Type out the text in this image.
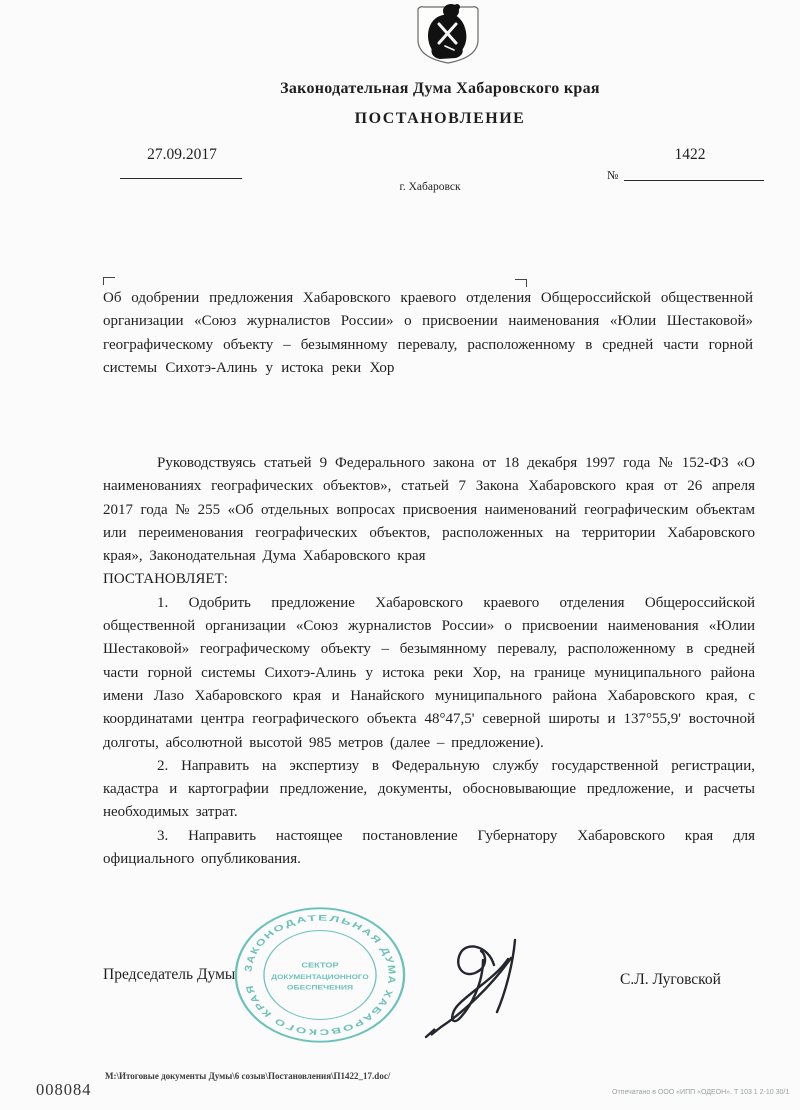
Законодательная Дума Хабаровского края
ПОСТАНОВЛЕНИЕ
27.09.2017
г. Хабаровск
1422
№
Об одобрении предложения Хабаровского краевого отделения Общероссийской общественной организации «Союз журналистов России» о присвоении наименования «Юлии Шестаковой» географическому объекту – безымянному перевалу, расположенному в средней части горной системы Сихотэ-Алинь у истока реки Хор

Руководствуясь статьей 9 Федерального закона от 18 декабря 1997 года № 152-ФЗ «О наименованиях географических объектов», статьей 7 Закона Хабаровского края от 26 апреля 2017 года № 255 «Об отдельных вопросах присвоения наименований географическим объектам или переименования географических объектов, расположенных на территории Хабаровского края», Законодательная Дума Хабаровского края

ПОСТАНОВЛЯЕТ:

1. Одобрить предложение Хабаровского краевого отделения Общероссийской общественной организации «Союз журналистов России» о присвоении наименования «Юлии Шестаковой» географическому объекту – безымянному перевалу, расположенному в средней части горной системы Сихотэ-Алинь у истока реки Хор, на границе муниципального района имени Лазо Хабаровского края и Нанайского муниципального района Хабаровского края, с координатами центра географического объекта 48°47,5' северной широты и 137°55,9' восточной долготы, абсолютной высотой 985 метров (далее – предложение).

2. Направить на экспертизу в Федеральную службу государственной регистрации, кадастра и картографии предложение, документы, обосновывающие предложение, и расчеты необходимых затрат.

3. Направить настоящее постановление Губернатору Хабаровского края для официального опубликования.

Председатель Думы ЗАКОНОДАТЕЛЬНАЯ ДУМА ХАБАРОВСКОГО КРАЯ
СЕКТОР
ДОКУМЕНТАЦИОННОГО
ОБЕСПЕЧЕНИЯ	С.Л. Луговской
М:\Итоговые документы Думы\6 созыв\Постановления\П1422_17.doc/
008084	Отпечатано в ООО «ИПП «ОДЕОН». Т 103 1 2-10 30/1
